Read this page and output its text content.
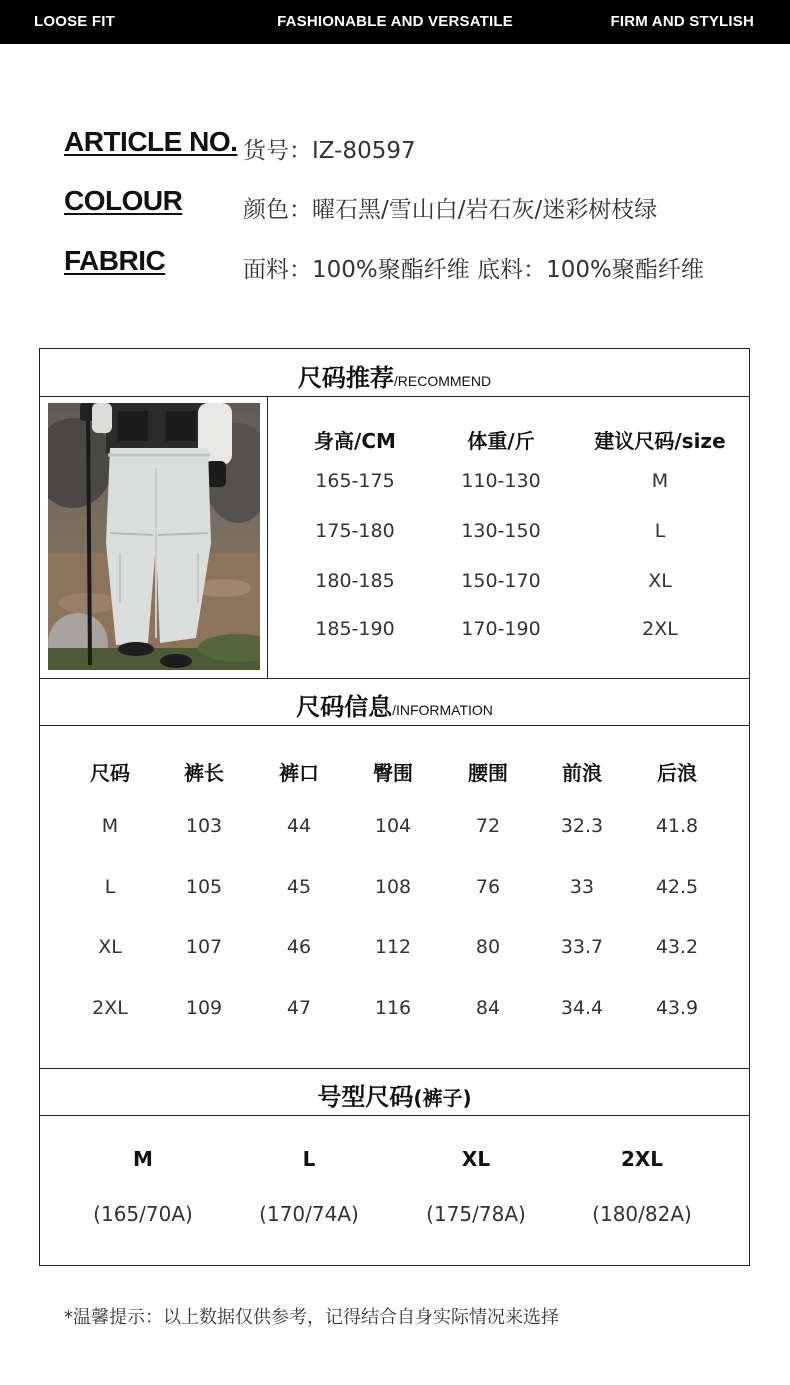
LOOSE FIT	FASHIONABLE AND VERSATILE	FIRM AND STYLISH
ARTICLE NO. 货号：IZ-80597
COLOUR	颜色：曜石黑/雪山白/岩石灰/迷彩树枝绿
FABRIC	面料：100%聚酯纤维 底料：100%聚酯纤维
尺码推荐/RECOMMEND
身高/CM	体重/斤	建议尺码/size
165-175	110-130	M
175-180	130-150	L
180-185	150-170	XL
185-190	170-190	2XL
尺码信息/INFORMATION
尺码	裤长	裤口	臀围	腰围	前浪	后浪
M	103	44	104	72	32.3	41.8
L	105	45	108	76	33	42.5
XL	107	46	112	80	33.7	43.2
2XL	109	47	116	84	34.4	43.9
号型尺码(裤子)
M	L	XL	2XL
(165/70A)	(170/74A)	(175/78A)	(180/82A)
*温馨提示：以上数据仅供参考，记得结合自身实际情况来选择
